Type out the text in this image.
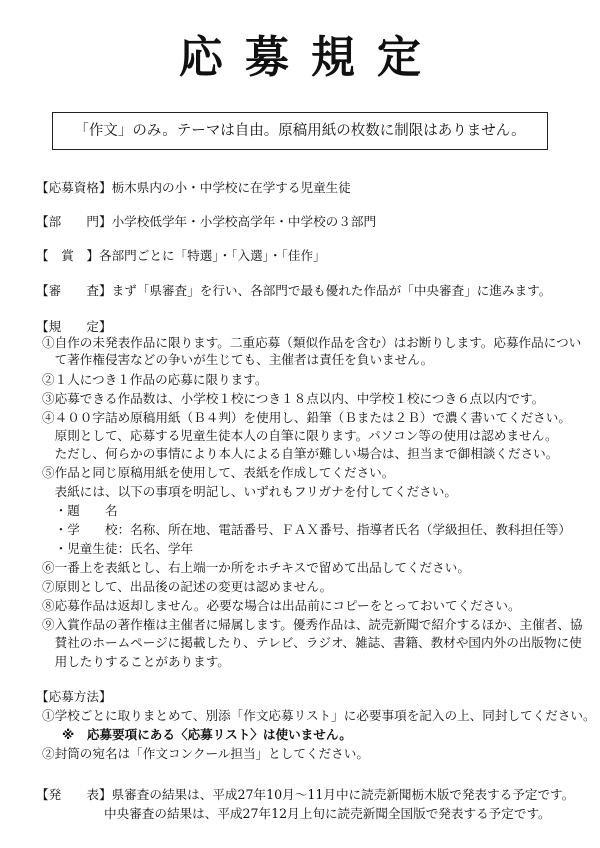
応募規定
「作文」のみ。テーマは自由。原稿用紙の枚数に制限はありません。
【応募資格】栃木県内の小・中学校に在学する児童生徒
【部　　門】小学校低学年・小学校高学年・中学校の３部門
【　賞　】各部門ごとに「特選」・「入選」・「佳作」
【審　　査】まず「県審査」を行い、各部門で最も優れた作品が「中央審査」に進みます。
【規　　定】
①自作の未発表作品に限ります。二重応募（類似作品を含む）はお断りします。応募作品につい
　て著作権侵害などの争いが生じても、主催者は責任を負いません。
②１人につき１作品の応募に限ります。
③応募できる作品数は、小学校１校につき１８点以内、中学校１校につき６点以内です。
④４００字詰め原稿用紙（Ｂ４判）を使用し、鉛筆（Ｂまたは２Ｂ）で濃く書いてください。
　原則として、応募する児童生徒本人の自筆に限ります。パソコン等の使用は認めません。
　ただし、何らかの事情により本人による自筆が難しい場合は、担当まで御相談ください。
⑤作品と同じ原稿用紙を使用して、表紙を作成してください。
　表紙には、以下の事項を明記し、いずれもフリガナを付してください。
　・題　　名
　・学　　校：名称、所在地、電話番号、ＦＡＸ番号、指導者氏名（学級担任、教科担任等）
　・児童生徒：氏名、学年
⑥一番上を表紙とし、右上端一か所をホチキスで留めて出品してください。
⑦原則として、出品後の記述の変更は認めません。
⑧応募作品は返却しません。必要な場合は出品前にコピーをとっておいてください。
⑨入賞作品の著作権は主催者に帰属します。優秀作品は、読売新聞で紹介するほか、主催者、協
　賛社のホームページに掲載したり、テレビ、ラジオ、雑誌、書籍、教材や国内外の出版物に使
　用したりすることがあります。
【応募方法】
①学校ごとに取りまとめて、別添「作文応募リスト」に必要事項を記入の上、同封してください。
※　応募要項にある〈応募リスト〉は使いません。
②封筒の宛名は「作文コンクール担当」としてください。
【発　　表】県審査の結果は、平成27年10月～11月中に読売新聞栃木版で発表する予定です。
中央審査の結果は、平成27年12月上旬に読売新聞全国版で発表する予定です。
